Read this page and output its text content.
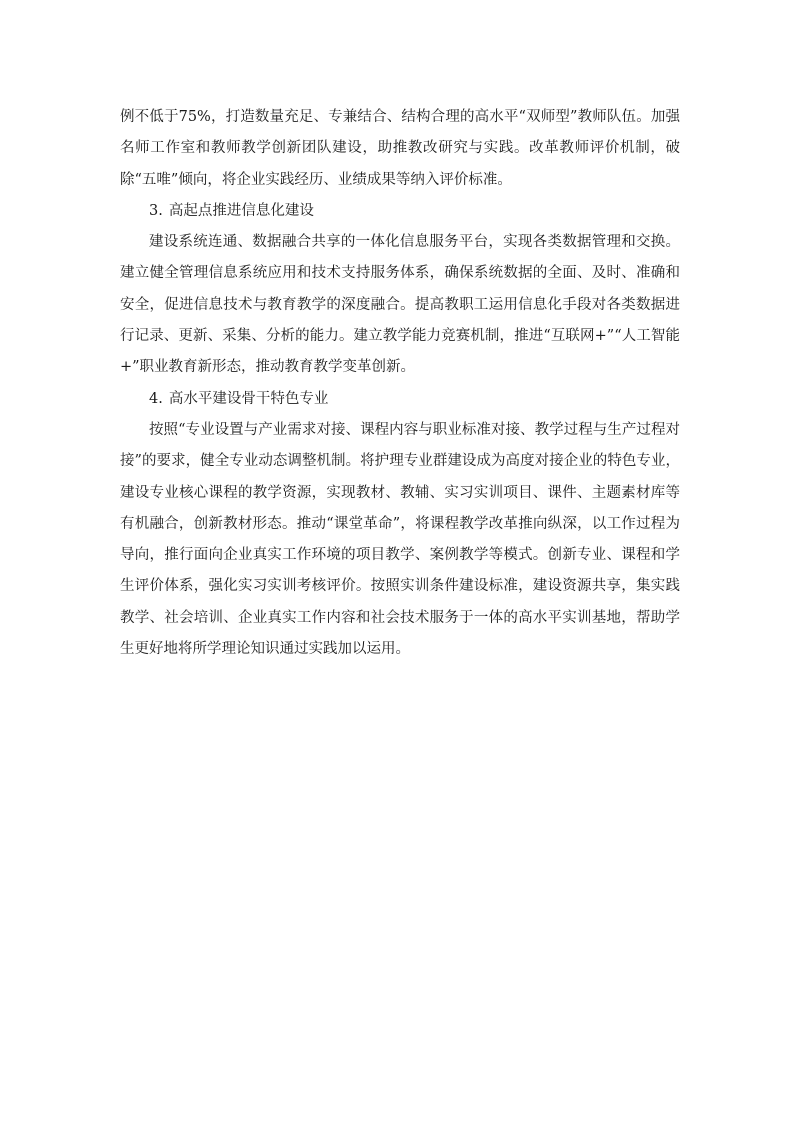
例不低于75%，打造数量充足、专兼结合、结构合理的高水平“双师型”教师队伍。加强名师工作室和教师教学创新团队建设，助推教改研究与实践。改革教师评价机制，破除“五唯”倾向，将企业实践经历、业绩成果等纳入评价标准。

3. 高起点推进信息化建设

建设系统连通、数据融合共享的一体化信息服务平台，实现各类数据管理和交换。建立健全管理信息系统应用和技术支持服务体系，确保系统数据的全面、及时、准确和安全，促进信息技术与教育教学的深度融合。提高教职工运用信息化手段对各类数据进行记录、更新、采集、分析的能力。建立教学能力竞赛机制，推进“互联网+”“人工智能+”职业教育新形态，推动教育教学变革创新。

4. 高水平建设骨干特色专业

按照“专业设置与产业需求对接、课程内容与职业标准对接、教学过程与生产过程对接”的要求，健全专业动态调整机制。将护理专业群建设成为高度对接企业的特色专业，建设专业核心课程的教学资源，实现教材、教辅、实习实训项目、课件、主题素材库等有机融合，创新教材形态。推动“课堂革命”，将课程教学改革推向纵深，以工作过程为导向，推行面向企业真实工作环境的项目教学、案例教学等模式。创新专业、课程和学生评价体系，强化实习实训考核评价。按照实训条件建设标准，建设资源共享，集实践教学、社会培训、企业真实工作内容和社会技术服务于一体的高水平实训基地，帮助学生更好地将所学理论知识通过实践加以运用。
